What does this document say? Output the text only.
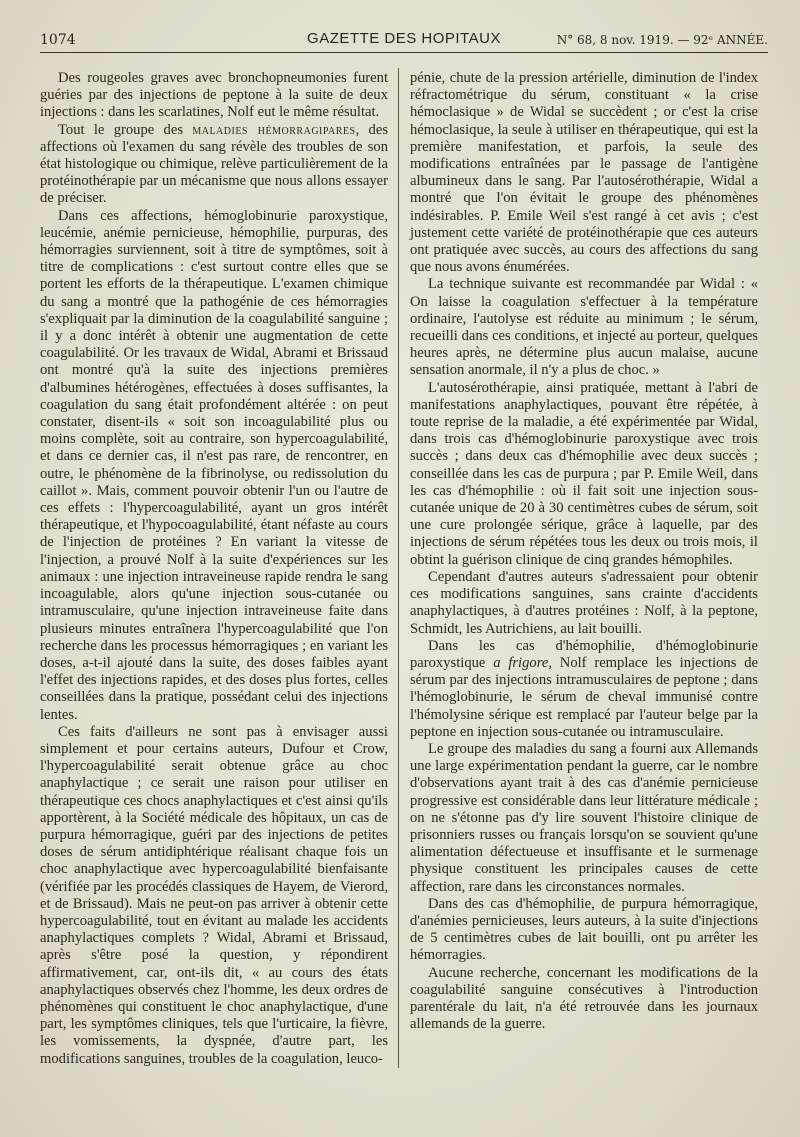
1074	GAZETTE DES HOPITAUX	N° 68, 8 nov. 1919. — 92ᵉ ANNÉE.

Des rougeoles graves avec bronchopneumonies furent guéries par des injections de peptone à la suite de deux injections : dans les scarlatines, Nolf eut le même résultat.

Tout le groupe des maladies hémorragipares, des affections où l'examen du sang révèle des troubles de son état histologique ou chimique, relève particulièrement de la protéinothérapie par un mécanisme que nous allons essayer de préciser.

Dans ces affections, hémoglobinurie paroxystique, leucémie, anémie pernicieuse, hémophilie, purpuras, des hémorragies surviennent, soit à titre de symptômes, soit à titre de complications : c'est surtout contre elles que se portent les efforts de la thérapeutique. L'examen chimique du sang a montré que la pathogénie de ces hémorragies s'expliquait par la diminution de la coagulabilité sanguine ; il y a donc intérêt à obtenir une augmentation de cette coagulabilité. Or les travaux de Widal, Abrami et Brissaud ont montré qu'à la suite des injections premières d'albumines hétérogènes, effectuées à doses suffisantes, la coagulation du sang était profondément altérée : on peut constater, disent-ils « soit son incoagulabilité plus ou moins complète, soit au contraire, son hypercoagulabilité, et dans ce dernier cas, il n'est pas rare, de rencontrer, en outre, le phénomène de la fibrinolyse, ou redissolution du caillot ». Mais, comment pouvoir obtenir l'un ou l'autre de ces effets : l'hypercoagulabilité, ayant un gros intérêt thérapeutique, et l'hypocoagulabilité, étant néfaste au cours de l'injection de protéines ? En variant la vitesse de l'injection, a prouvé Nolf à la suite d'expériences sur les animaux : une injection intraveineuse rapide rendra le sang incoagulable, alors qu'une injection sous-cutanée ou intramusculaire, qu'une injection intraveineuse faite dans plusieurs minutes entraînera l'hypercoagulabilité que l'on recherche dans les processus hémorragiques ; en variant les doses, a-t-il ajouté dans la suite, des doses faibles ayant l'effet des injections rapides, et des doses plus fortes, celles conseillées dans la pratique, possédant celui des injections lentes.

Ces faits d'ailleurs ne sont pas à envisager aussi simplement et pour certains auteurs, Dufour et Crow, l'hypercoagulabilité serait obtenue grâce au choc anaphylactique ; ce serait une raison pour utiliser en thérapeutique ces chocs anaphylactiques et c'est ainsi qu'ils apportèrent, à la Société médicale des hôpitaux, un cas de purpura hémorragique, guéri par des injections de petites doses de sérum antidiphtérique réalisant chaque fois un choc anaphylactique avec hypercoagulabilité bienfaisante (vérifiée par les procédés classiques de Hayem, de Vierord, et de Brissaud). Mais ne peut-on pas arriver à obtenir cette hypercoagulabilité, tout en évitant au malade les accidents anaphylactiques complets ? Widal, Abrami et Brissaud, après s'être posé la question, y répondirent affirmativement, car, ont-ils dit, « au cours des états anaphylactiques observés chez l'homme, les deux ordres de phénomènes qui constituent le choc anaphylactique, d'une part, les symptômes cliniques, tels que l'urticaire, la fièvre, les vomissements, la dyspnée, d'autre part, les modifications sanguines, troubles de la coagulation, leuco-

pénie, chute de la pression artérielle, diminution de l'index réfractométrique du sérum, constituant « la crise hémoclasique » de Widal se succèdent ; or c'est la crise hémoclasique, la seule à utiliser en thérapeutique, qui est la première manifestation, et parfois, la seule des modifications entraînées par le passage de l'antigène albumineux dans le sang. Par l'autosérothérapie, Widal a montré que l'on évitait le groupe des phénomènes indésirables. P. Emile Weil s'est rangé à cet avis ; c'est justement cette variété de protéinothérapie que ces auteurs ont pratiquée avec succès, au cours des affections du sang que nous avons énumérées.

La technique suivante est recommandée par Widal : « On laisse la coagulation s'effectuer à la température ordinaire, l'autolyse est réduite au minimum ; le sérum, recueilli dans ces conditions, et injecté au porteur, quelques heures après, ne détermine plus aucun malaise, aucune sensation anormale, il n'y a plus de choc. »

L'autosérothérapie, ainsi pratiquée, mettant à l'abri de manifestations anaphylactiques, pouvant être répétée, à toute reprise de la maladie, a été expérimentée par Widal, dans trois cas d'hémoglobinurie paroxystique avec trois succès ; dans deux cas d'hémophilie avec deux succès ; conseillée dans les cas de purpura ; par P. Emile Weil, dans les cas d'hémophilie : où il fait soit une injection sous-cutanée unique de 20 à 30 centimètres cubes de sérum, soit une cure prolongée sérique, grâce à laquelle, par des injections de sérum répétées tous les deux ou trois mois, il obtint la guérison clinique de cinq grandes hémophiles.

Cependant d'autres auteurs s'adressaient pour obtenir ces modifications sanguines, sans crainte d'accidents anaphylactiques, à d'autres protéines : Nolf, à la peptone, Schmidt, les Autrichiens, au lait bouilli.

Dans les cas d'hémophilie, d'hémoglobinurie paroxystique a frigore, Nolf remplace les injections de sérum par des injections intramusculaires de peptone ; dans l'hémoglobinurie, le sérum de cheval immunisé contre l'hémolysine sérique est remplacé par l'auteur belge par la peptone en injection sous-cutanée ou intramusculaire.

Le groupe des maladies du sang a fourni aux Allemands une large expérimentation pendant la guerre, car le nombre d'observations ayant trait à des cas d'anémie pernicieuse progressive est considérable dans leur littérature médicale ; on ne s'étonne pas d'y lire souvent l'histoire clinique de prisonniers russes ou français lorsqu'on se souvient qu'une alimentation défectueuse et insuffisante et le surmenage physique constituent les principales causes de cette affection, rare dans les circonstances normales.

Dans des cas d'hémophilie, de purpura hémorragique, d'anémies pernicieuses, leurs auteurs, à la suite d'injections de 5 centimètres cubes de lait bouilli, ont pu arrêter les hémorragies.

Aucune recherche, concernant les modifications de la coagulabilité sanguine consécutives à l'introduction parentérale du lait, n'a été retrouvée dans les journaux allemands de la guerre.
